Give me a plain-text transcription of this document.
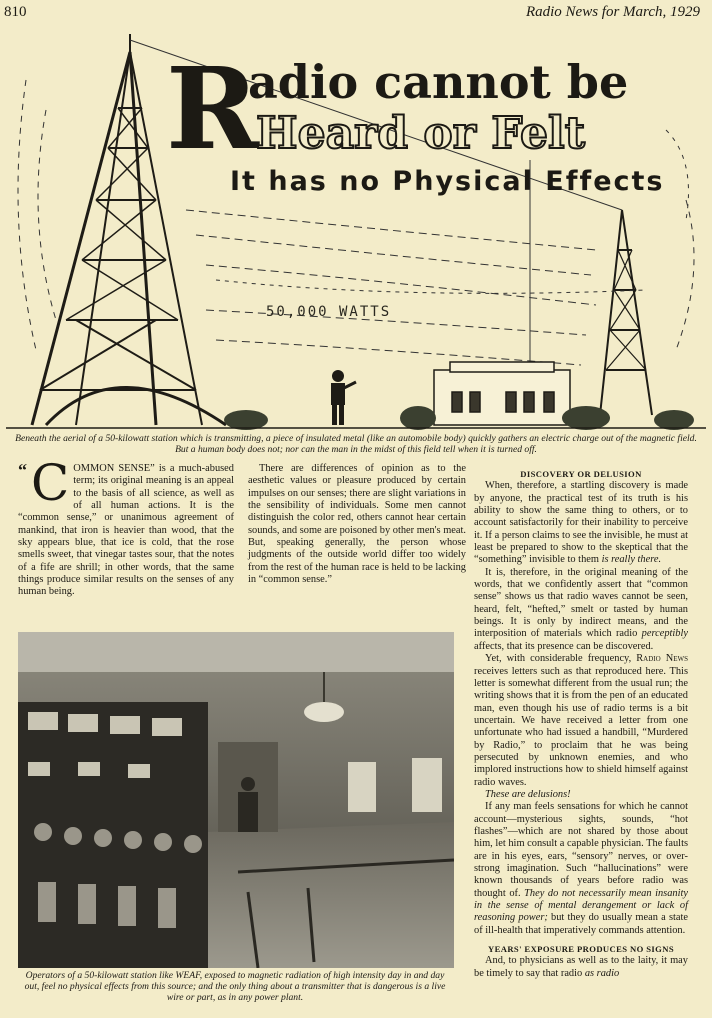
810	Radio News for March, 1929
R
adio cannot be
Heard or Felt
It has no Physical Effects
50,000 WATTS
Beneath the aerial of a 50-kilowatt station which is transmitting, a piece of insulated metal (like an automobile body) quickly gathers an electric charge out of the magnetic field. But a human body does not; nor can the man in the midst of this field tell when it is turned off.

“ C OMMON SENSE” is a much-abused term; its original meaning is an appeal to the basis of all science, as well as of all human actions. It is the “common sense,” or unanimous agreement of mankind, that iron is heavier than wood, that the sky appears blue, that ice is cold, that the rose smells sweet, that vinegar tastes sour, that the notes of a fife are shrill; in other words, that the same things produce similar results on the senses of any human being.

There are differences of opinion as to the aesthetic values or pleasure produced by certain impulses on our senses; there are slight variations in the sensibility of individuals. Some men cannot distinguish the color red, others cannot hear certain sounds, and some are poisoned by other men's meat. But, speaking generally, the person whose judgments of the outside world differ too widely from the rest of the human race is held to be lacking in “common sense.”

DISCOVERY OR DELUSION

When, therefore, a startling discovery is made by anyone, the practical test of its truth is his ability to show the same thing to others, or to account satisfactorily for their inability to perceive it. If a person claims to see the invisible, he must at least be prepared to show to the skeptical that the “something” invisible to them is really there.

It is, therefore, in the original meaning of the words, that we confidently assert that “common sense” shows us that radio waves cannot be seen, heard, felt, “hefted,” smelt or tasted by human beings. It is only by indirect means, and the interposition of materials which radio perceptibly affects, that its presence can be discovered.

Yet, with considerable frequency, Radio News receives letters such as that reproduced here. This letter is somewhat different from the usual run; the writing shows that it is from the pen of an educated man, even though his use of radio terms is a bit uncertain. We have received a letter from one unfortunate who had issued a handbill, “Murdered by Radio,” to proclaim that he was being persecuted by unknown enemies, and who implored instructions how to shield himself against radio waves.

These are delusions!

If any man feels sensations for which he cannot account—mysterious sights, sounds, “hot flashes”—which are not shared by those about him, let him consult a capable physician. The faults are in his eyes, ears, “sensory” nerves, or over-strong imagination. Such “hallucinations” were known thousands of years before radio was thought of. They do not necessarily mean insanity in the sense of mental derangement or lack of reasoning power; but they do usually mean a state of ill-health that imperatively commands attention.

YEARS' EXPOSURE PRODUCES NO SIGNS

And, to physicians as well as to the laity, it may be timely to say that radio as radio

Operators of a 50-kilowatt station like WEAF, exposed to magnetic radiation of high intensity day in and day out, feel no physical effects from this source; and the only thing about a transmitter that is dangerous is a live wire or part, as in any power plant.
